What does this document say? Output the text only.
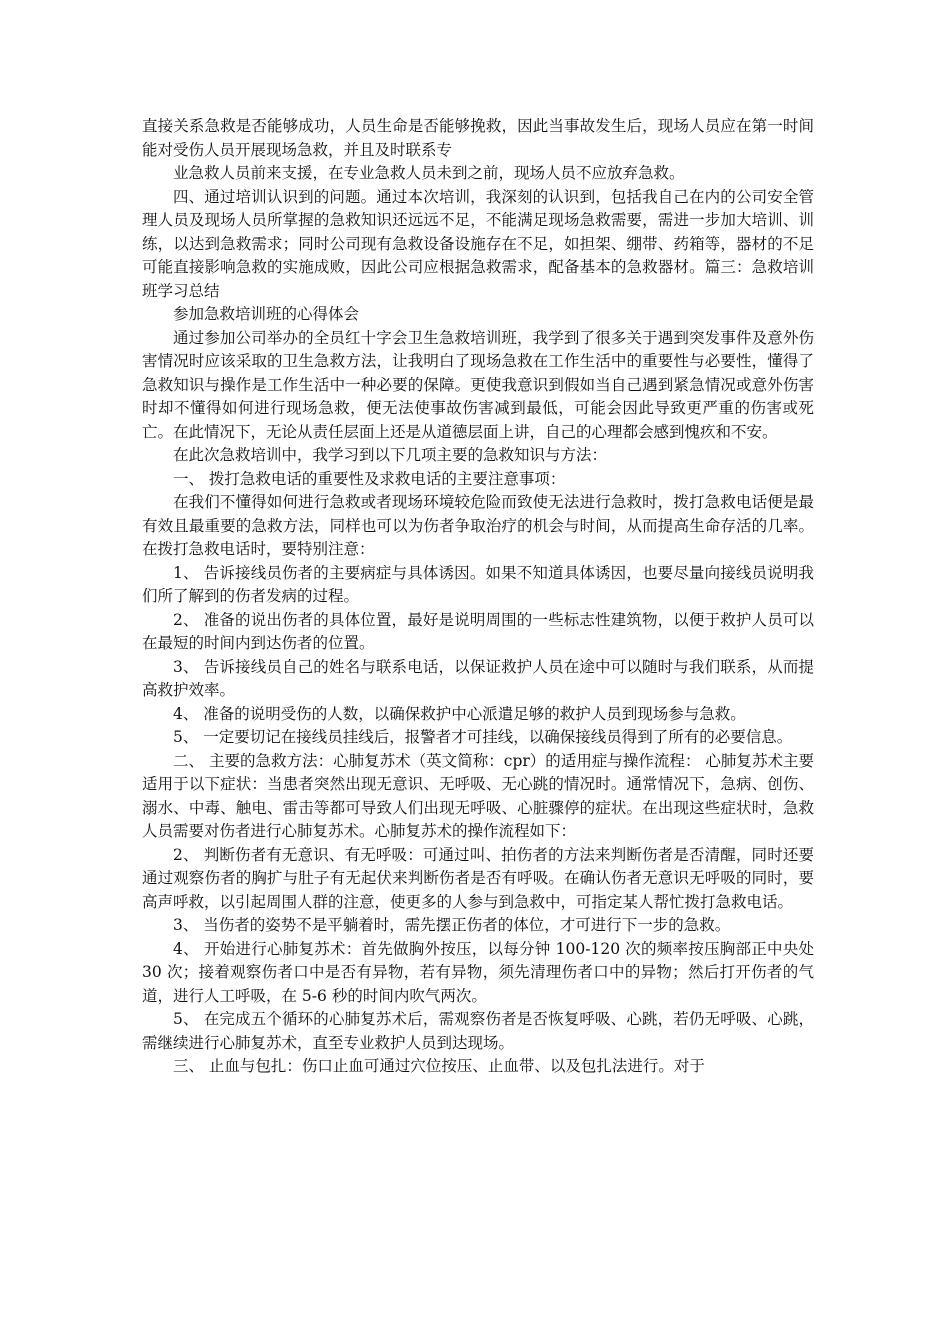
直接关系急救是否能够成功，人员生命是否能够挽救，因此当事故发生后，现场人员应在第一时间能对受伤人员开展现场急救，并且及时联系专

业急救人员前来支援，在专业急救人员未到之前，现场人员不应放弃急救。

四、通过培训认识到的问题。通过本次培训，我深刻的认识到，包括我自己在内的公司安全管理人员及现场人员所掌握的急救知识还远远不足，不能满足现场急救需要，需进一步加大培训、训练，以达到急救需求；同时公司现有急救设备设施存在不足，如担架、绷带、药箱等，器材的不足可能直接影响急救的实施成败，因此公司应根据急救需求，配备基本的急救器材。篇三：急救培训班学习总结

参加急救培训班的心得体会

通过参加公司举办的全员红十字会卫生急救培训班，我学到了很多关于遇到突发事件及意外伤害情况时应该采取的卫生急救方法，让我明白了现场急救在工作生活中的重要性与必要性，懂得了急救知识与操作是工作生活中一种必要的保障。更使我意识到假如当自己遇到紧急情况或意外伤害时却不懂得如何进行现场急救，便无法使事故伤害减到最低，可能会因此导致更严重的伤害或死亡。在此情况下，无论从责任层面上还是从道德层面上讲，自己的心理都会感到愧疚和不安。

在此次急救培训中，我学习到以下几项主要的急救知识与方法：

一、 拨打急救电话的重要性及求救电话的主要注意事项：

在我们不懂得如何进行急救或者现场环境较危险而致使无法进行急救时，拨打急救电话便是最有效且最重要的急救方法，同样也可以为伤者争取治疗的机会与时间，从而提高生命存活的几率。在拨打急救电话时，要特别注意：

1、 告诉接线员伤者的主要病症与具体诱因。如果不知道具体诱因，也要尽量向接线员说明我们所了解到的伤者发病的过程。

2、 准备的说出伤者的具体位置，最好是说明周围的一些标志性建筑物，以便于救护人员可以在最短的时间内到达伤者的位置。

3、 告诉接线员自己的姓名与联系电话，以保证救护人员在途中可以随时与我们联系，从而提高救护效率。

4、 准备的说明受伤的人数，以确保救护中心派遣足够的救护人员到现场参与急救。

5、 一定要切记在接线员挂线后，报警者才可挂线，以确保接线员得到了所有的必要信息。

二、 主要的急救方法：心肺复苏术（英文简称：cpr）的适用症与操作流程： 心肺复苏术主要适用于以下症状：当患者突然出现无意识、无呼吸、无心跳的情况时。通常情况下，急病、创伤、溺水、中毒、触电、雷击等都可导致人们出现无呼吸、心脏骤停的症状。在出现这些症状时，急救人员需要对伤者进行心肺复苏术。心肺复苏术的操作流程如下：

2、 判断伤者有无意识、有无呼吸：可通过叫、拍伤者的方法来判断伤者是否清醒，同时还要通过观察伤者的胸扩与肚子有无起伏来判断伤者是否有呼吸。在确认伤者无意识无呼吸的同时，要高声呼救，以引起周围人群的注意，使更多的人参与到急救中，可指定某人帮忙拨打急救电话。

3、 当伤者的姿势不是平躺着时，需先摆正伤者的体位，才可进行下一步的急救。

4、 开始进行心肺复苏术：首先做胸外按压，以每分钟 100-120 次的频率按压胸部正中央处 30 次；接着观察伤者口中是否有异物，若有异物，须先清理伤者口中的异物；然后打开伤者的气道，进行人工呼吸，在 5-6 秒的时间内吹气两次。

5、 在完成五个循环的心肺复苏术后，需观察伤者是否恢复呼吸、心跳，若仍无呼吸、心跳，需继续进行心肺复苏术，直至专业救护人员到达现场。

三、 止血与包扎：伤口止血可通过穴位按压、止血带、以及包扎法进行。对于
